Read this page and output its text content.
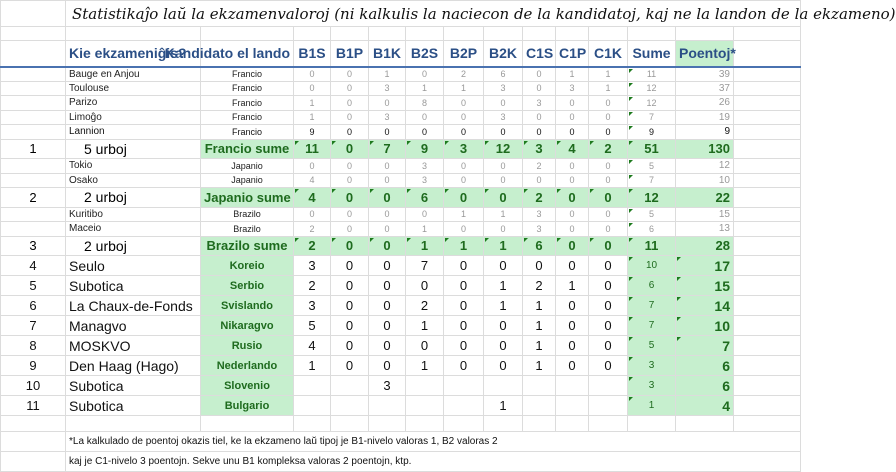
	Statistikaĵo laŭ la ekzamenvaloroj (ni kalkulis la naciecon de la kandidatoj, kaj ne la landon de la ekzameno)													

	Kie ekzameniĝis?	Kandidato el lando	B1S	B1P	B1K	B2S	B2P	B2K	C1S	C1P	C1K	Sume	Poentoj*	
	Bauge en Anjou	Francio	0	0	1	0	2	6	0	1	1	11	39	
	Toulouse	Francio	0	0	3	1	1	3	0	3	1	12	37	
	Parizo	Francio	1	0	0	8	0	0	3	0	0	12	26	
	Limoĝo	Francio	1	0	3	0	0	3	0	0	0	7	19	
	Lannion	Francio	9	0	0	0	0	0	0	0	0	9	9	
1	5 urboj	Francio sume	11	0	7	9	3	12	3	4	2	51	130	
	Tokio	Japanio	0	0	0	3	0	0	2	0	0	5	12	
	Osako	Japanio	4	0	0	3	0	0	0	0	0	7	10	
2	2 urboj	Japanio sume	4	0	0	6	0	0	2	0	0	12	22	
	Kuritibo	Brazilo	0	0	0	0	1	1	3	0	0	5	15	
	Maceio	Brazilo	2	0	0	1	0	0	3	0	0	6	13	
3	2 urboj	Brazilo sume	2	0	0	1	1	1	6	0	0	11	28	
4	Seulo	Koreio	3	0	0	7	0	0	0	0	0	10	17	
5	Subotica	Serbio	2	0	0	0	0	1	2	1	0	6	15	
6	La Chaux-de-Fonds	Svislando	3	0	0	2	0	1	1	0	0	7	14	
7	Managvo	Nikaragvo	5	0	0	1	0	0	1	0	0	7	10	
8	MOSKVO	Rusio	4	0	0	0	0	0	1	0	0	5	7	
9	Den Haag (Hago)	Nederlando	1	0	0	1	0	0	1	0	0	3	6	
10	Subotica	Slovenio			3							3	6	
11	Subotica	Bulgario						1				1	4	

	*La kalkulado de poentoj okazis tiel, ke la ekzameno laŭ tipoj je B1-nivelo valoras 1, B2 valoras 2													
	kaj je C1-nivelo 3 poentojn. Sekve unu B1 kompleksa valoras 2 poentojn, ktp.													
